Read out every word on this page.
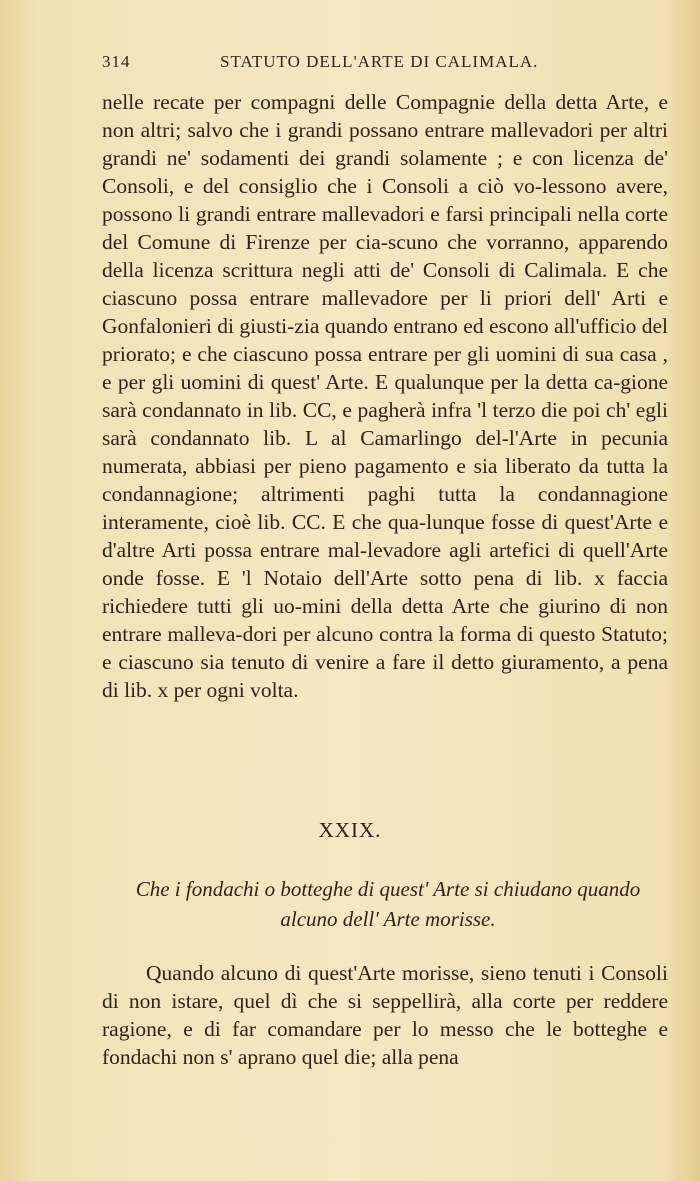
314	STATUTO DELL'ARTE DI CALIMALA.

nelle recate per compagni delle Compagnie della detta Arte, e non altri; salvo che i grandi possano entrare mallevadori per altri grandi ne' sodamenti dei grandi solamente ; e con licenza de' Consoli, e del consiglio che i Consoli a ciò vo-lessono avere, possono li grandi entrare mallevadori e farsi principali nella corte del Comune di Firenze per cia-scuno che vorranno, apparendo della licenza scrittura negli atti de' Consoli di Calimala. E che ciascuno possa entrare mallevadore per li priori dell' Arti e Gonfalonieri di giusti-zia quando entrano ed escono all'ufficio del priorato; e che ciascuno possa entrare per gli uomini di sua casa , e per gli uomini di quest' Arte. E qualunque per la detta ca-gione sarà condannato in lib. CC, e pagherà infra 'l terzo die poi ch' egli sarà condannato lib. L al Camarlingo del-l'Arte in pecunia numerata, abbiasi per pieno pagamento e sia liberato da tutta la condannagione; altrimenti paghi tutta la condannagione interamente, cioè lib. CC. E che qua-lunque fosse di quest'Arte e d'altre Arti possa entrare mal-levadore agli artefici di quell'Arte onde fosse. E 'l Notaio dell'Arte sotto pena di lib. x faccia richiedere tutti gli uo-mini della detta Arte che giurino di non entrare malleva-dori per alcuno contra la forma di questo Statuto; e ciascuno sia tenuto di venire a fare il detto giuramento, a pena di lib. x per ogni volta.

XXIX.
Che i fondachi o botteghe di quest' Arte si chiudano quando alcuno dell' Arte morisse.

Quando alcuno di quest'Arte morisse, sieno tenuti i Consoli di non istare, quel dì che si seppellirà, alla corte per reddere ragione, e di far comandare per lo messo che le botteghe e fondachi non s' aprano quel die; alla pena
